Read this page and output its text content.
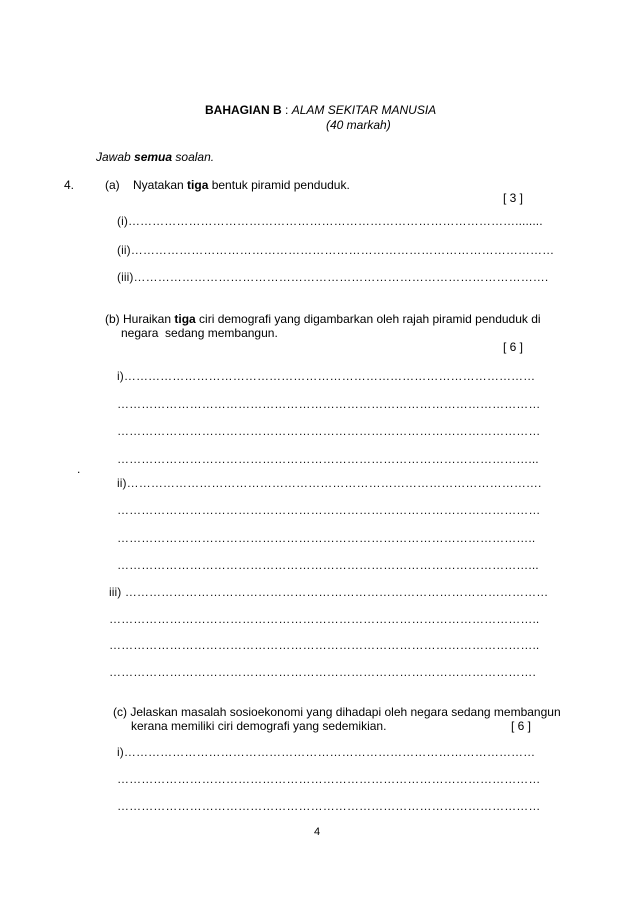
BAHAGIAN B : ALAM SEKITAR MANUSIA
(40 markah)
Jawab semua soalan.
4.	(a) Nyatakan tiga bentuk piramid penduduk.
[ 3 ]
(i)……………………………………………………………………………………........
(ii)……………………………………………………………………………………………
(iii)………………………………………………………………………………………….
(b) Huraikan tiga ciri demografi yang digambarkan oleh rajah piramid penduduk di
negara  sedang membangun.
[ 6 ]
i)…………………………………………………………………………………………
……………………………………………………………………………………………
……………………………………………………………………………………………
…………………………………………………………………………………………...
.
ii)………………………………………………………………………………………….
……………………………………………………………………………………………
…………………………………………………………………………………………..
…………………………………………………………………………………………...
iii) ……………………………………………………………………………………………
……………………………………………………………………………………………..
……………………………………………………………………………………………..
…………………………………………………………………………………………….
(c) Jelaskan masalah sosioekonomi yang dihadapi oleh negara sedang membangun
kerana memiliki ciri demografi yang sedemikian.	[ 6 ]
i)…………………………………………………………………………………………
……………………………………………………………………………………………
……………………………………………………………………………………………
4
